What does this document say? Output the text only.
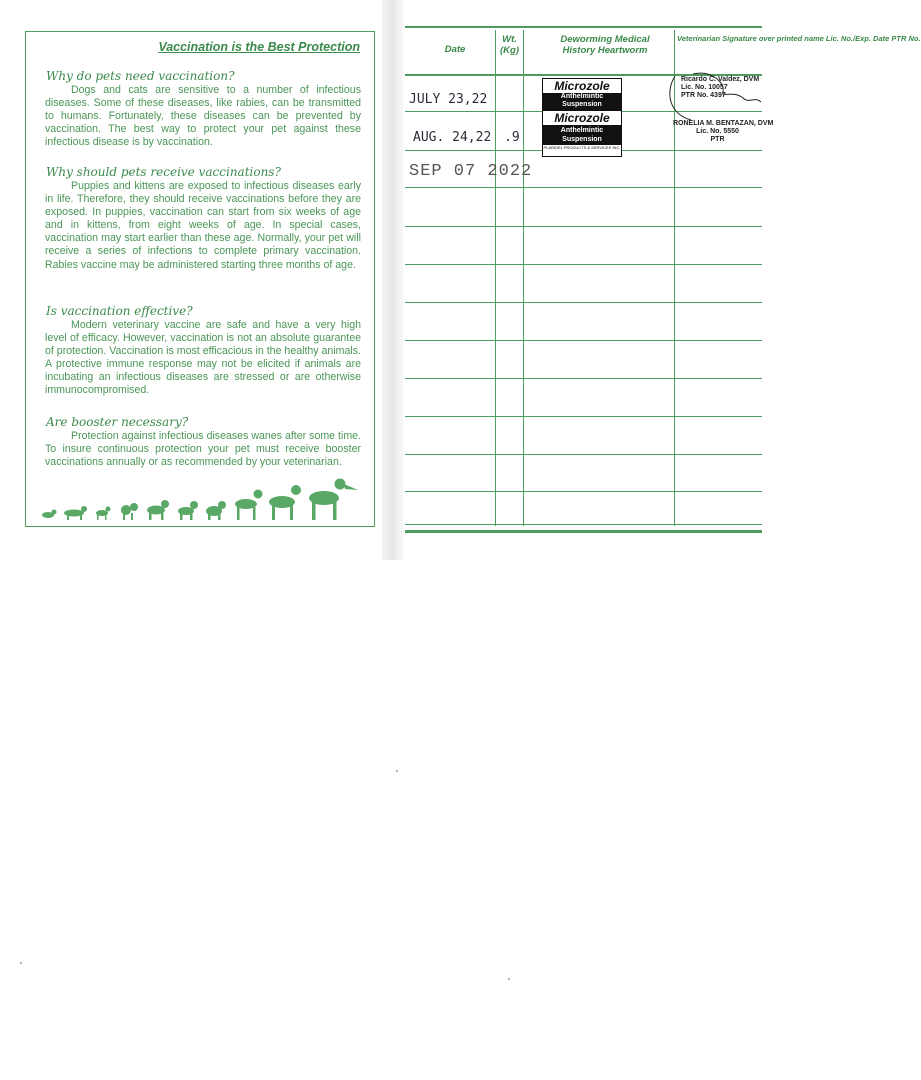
Vaccination is the Best Protection
Why do pets need vaccination?

Dogs and cats are sensitive to a number of infectious diseases. Some of these diseases, like rabies, can be transmitted to humans. Fortunately, these diseases can be prevented by vaccination. The best way to protect your pet against these infectious disease is by vaccination.

Why should pets receive vaccinations?

Puppies and kittens are exposed to infectious diseases early in life. Therefore, they should receive vaccinations before they are exposed. In puppies, vaccination can start from six weeks of age and in kittens, from eight weeks of age. In special cases, vaccination may start earlier than these age. Normally, your pet will receive a series of infections to complete primary vaccination. Rabies vaccine may be administered starting three months of age.

Is vaccination effective?

Modern veterinary vaccine are safe and have a very high level of efficacy. However, vaccination is not an absolute guarantee of protection. Vaccination is most efficacious in the healthy animals. A protective immune response may not be elicited if animals are incubating an infectious diseases are stressed or are otherwise immunocompromised.

Are booster necessary?

Protection against infectious diseases wanes after some time. To insure continuous protection your pet must receive booster vaccinations annually or as recommended by your veterinarian.

Date
Wt. (Kg)
Deworming Medical History Heartworm
Veterinarian Signature over printed name Lic. No./Exp. Date PTR No.
JULY 23,22
Microzole
Anthelmintic Suspension
Ricardo C. Valdez, DVM
Lic. No. 10057
PTR No. 4397
AUG. 24,22 .9
Microzole
Anthelmintic Suspension
PLARIDEL PRODUCTS & SERVICES INC.
RONELIA M. BENTAZAN, DVM
Lic. No. 5550
PTR
SEP 07 2022
